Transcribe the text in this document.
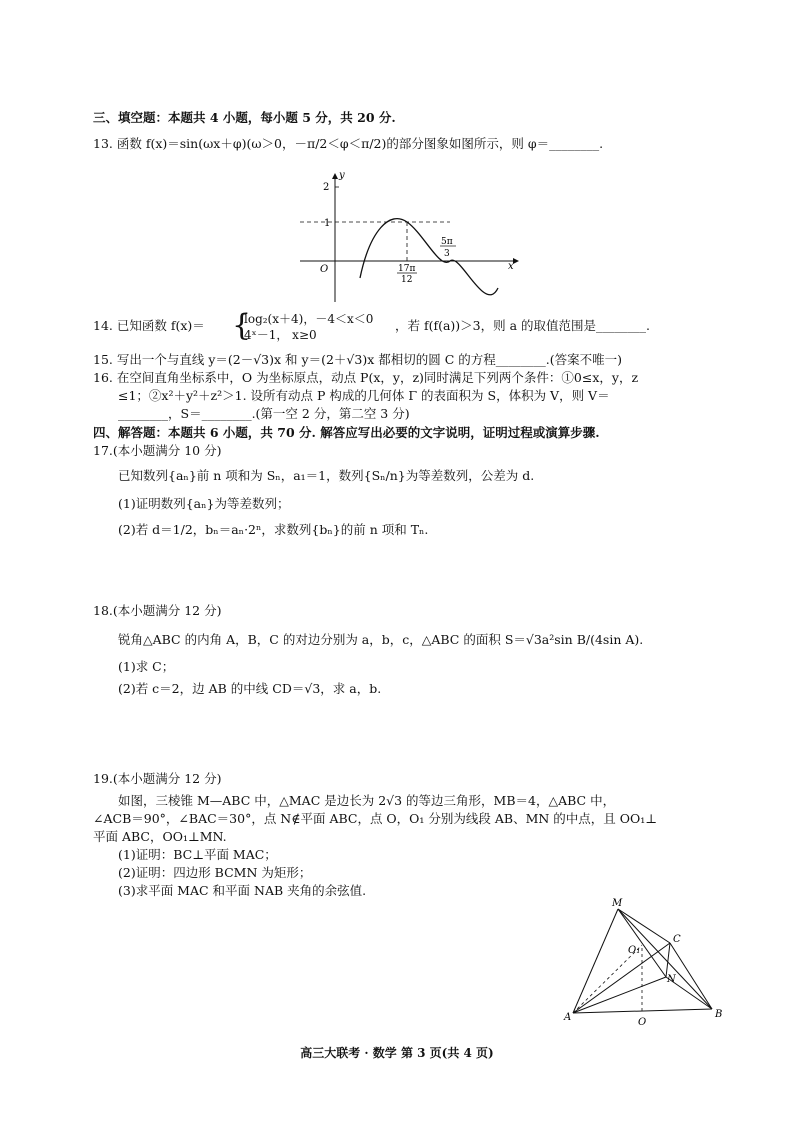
三、填空题：本题共 4 小题，每小题 5 分，共 20 分.
13. 函数 f(x)＝sin(ωx＋φ)(ω＞0，－π/2＜φ＜π/2)的部分图象如图所示，则 φ＝________.
y
x
O
2
1
17π
12
5π
3
14. 已知函数 f(x)＝ {
log₂(x＋4)，－4＜x＜0
4ˣ－1， x≥0
，若 f(f(a))＞3，则 a 的取值范围是________.
15. 写出一个与直线 y＝(2－√3)x 和 y＝(2＋√3)x 都相切的圆 C 的方程________.(答案不唯一)
16. 在空间直角坐标系中，O 为坐标原点，动点 P(x，y，z)同时满足下列两个条件：①0≤x，y，z
≤1；②x²＋y²＋z²＞1. 设所有动点 P 构成的几何体 Γ 的表面积为 S，体积为 V，则 V＝
________，S＝________.(第一空 2 分，第二空 3 分)
四、解答题：本题共 6 小题，共 70 分. 解答应写出必要的文字说明，证明过程或演算步骤.
17.(本小题满分 10 分)
已知数列{aₙ}前 n 项和为 Sₙ，a₁＝1，数列{Sₙ/n}为等差数列，公差为 d.
(1)证明数列{aₙ}为等差数列；
(2)若 d＝1/2，bₙ＝aₙ·2ⁿ，求数列{bₙ}的前 n 项和 Tₙ.
18.(本小题满分 12 分)
锐角△ABC 的内角 A，B，C 的对边分别为 a，b，c，△ABC 的面积 S＝√3a²sin B/(4sin A).
(1)求 C；
(2)若 c＝2，边 AB 的中线 CD＝√3，求 a，b.
19.(本小题满分 12 分)
如图，三棱锥 M—ABC 中，△MAC 是边长为 2√3 的等边三角形，MB＝4，△ABC 中，
∠ACB＝90°，∠BAC＝30°，点 N∉平面 ABC，点 O，O₁ 分别为线段 AB、MN 的中点，且 OO₁⊥
平面 ABC，OO₁⊥MN.
(1)证明：BC⊥平面 MAC；
(2)证明：四边形 BCMN 为矩形；
(3)求平面 MAC 和平面 NAB 夹角的余弦值.
M
C
O₁
N
A	B
O
高三大联考 · 数学 第 3 页(共 4 页)
